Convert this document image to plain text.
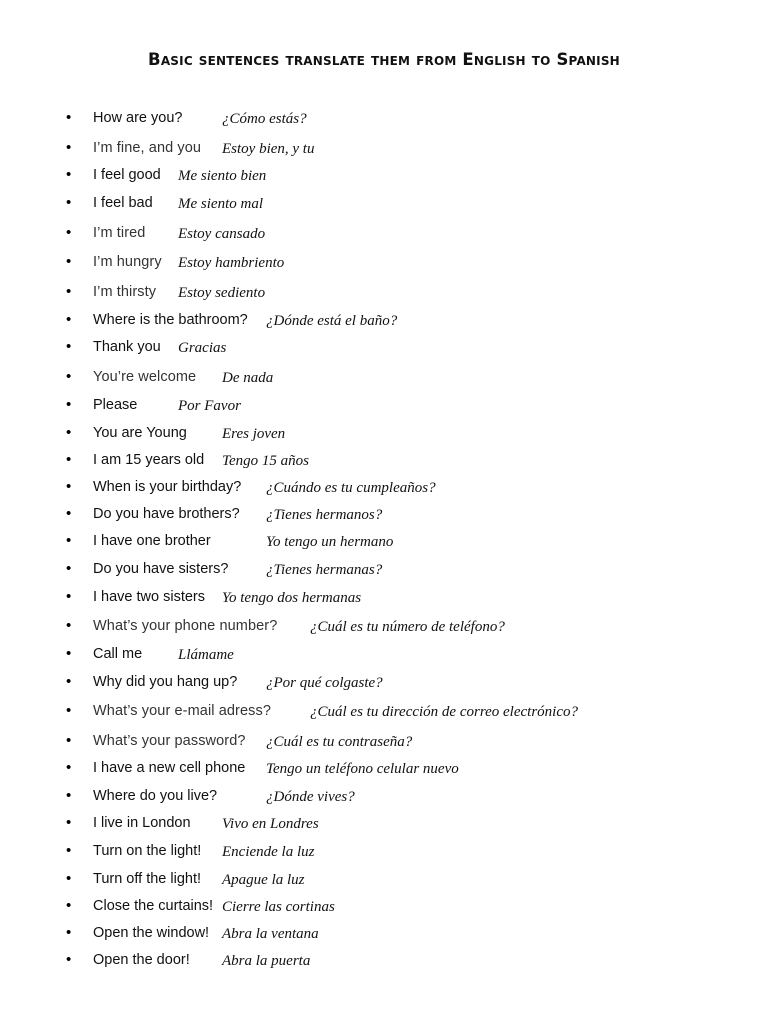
Basic sentences translate them from English to Spanish
• How are you?	¿Cómo estás?
• I’m fine, and you Estoy bien, y tu
• I feel good Me siento bien
• I feel bad Me siento mal
• I’m tired Estoy cansado
• I’m hungry Estoy hambriento
• I’m thirsty Estoy sediento
• Where is the bathroom? ¿Dónde está el baño?
• Thank you Gracias
• You’re welcome De nada
• Please	Por Favor
• You are Young Eres joven
• I am 15 years old Tengo 15 años
• When is your birthday? ¿Cuándo es tu cumpleaños?
• Do you have brothers? ¿Tienes hermanos?
• I have one brother	Yo tengo un hermano
• Do you have sisters?	¿Tienes hermanas?
• I have two sisters Yo tengo dos hermanas
• What’s your phone number? ¿Cuál es tu número de teléfono?
• Call me Llámame
• Why did you hang up? ¿Por qué colgaste?
• What’s your e-mail adress?	¿Cuál es tu dirección de correo electrónico?
• What’s your password? ¿Cuál es tu contraseña?
• I have a new cell phone Tengo un teléfono celular nuevo
• Where do you live?	¿Dónde vives?
• I live in London Vivo en Londres
• Turn on the light! Enciende la luz
• Turn off the light! Apague la luz
• Close the curtains! Cierre las cortinas
• Open the window! Abra la ventana
• Open the door! Abra la puerta
